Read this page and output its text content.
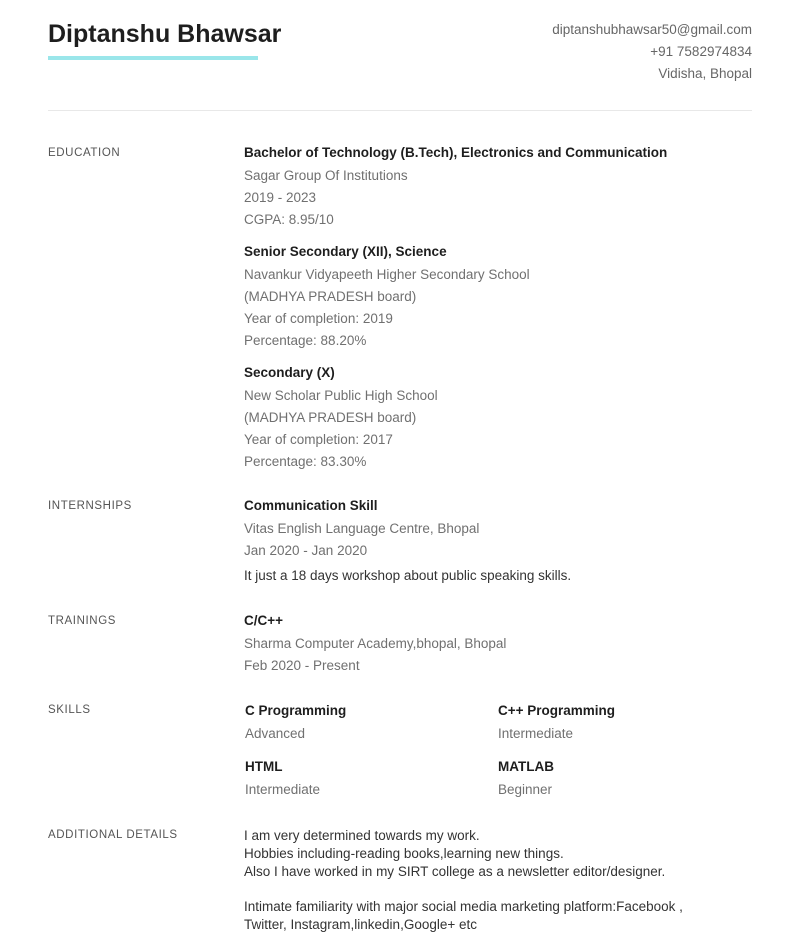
Diptanshu Bhawsar	diptanshubhawsar50@gmail.com
+91 7582974834
Vidisha, Bhopal
EDUCATION	Bachelor of Technology (B.Tech), Electronics and Communication
Sagar Group Of Institutions
2019 - 2023
CGPA: 8.95/10
Senior Secondary (XII), Science
Navankur Vidyapeeth Higher Secondary School
(MADHYA PRADESH board)
Year of completion: 2019
Percentage: 88.20%
Secondary (X)
New Scholar Public High School
(MADHYA PRADESH board)
Year of completion: 2017
Percentage: 83.30%
INTERNSHIPS	Communication Skill
Vitas English Language Centre, Bhopal
Jan 2020 - Jan 2020
It just a 18 days workshop about public speaking skills.
TRAININGS	C/C++
Sharma Computer Academy,bhopal, Bhopal
Feb 2020 - Present
SKILLS	C Programming
Advanced
C++ Programming
Intermediate
HTML
Intermediate
MATLAB
Beginner
ADDITIONAL DETAILS	I am very determined towards my work.
Hobbies including-reading books,learning new things.
Also I have worked in my SIRT college as a newsletter editor/designer.
Intimate familiarity with major social media marketing platform:Facebook ,
Twitter, Instagram,linkedin,Google+ etc
